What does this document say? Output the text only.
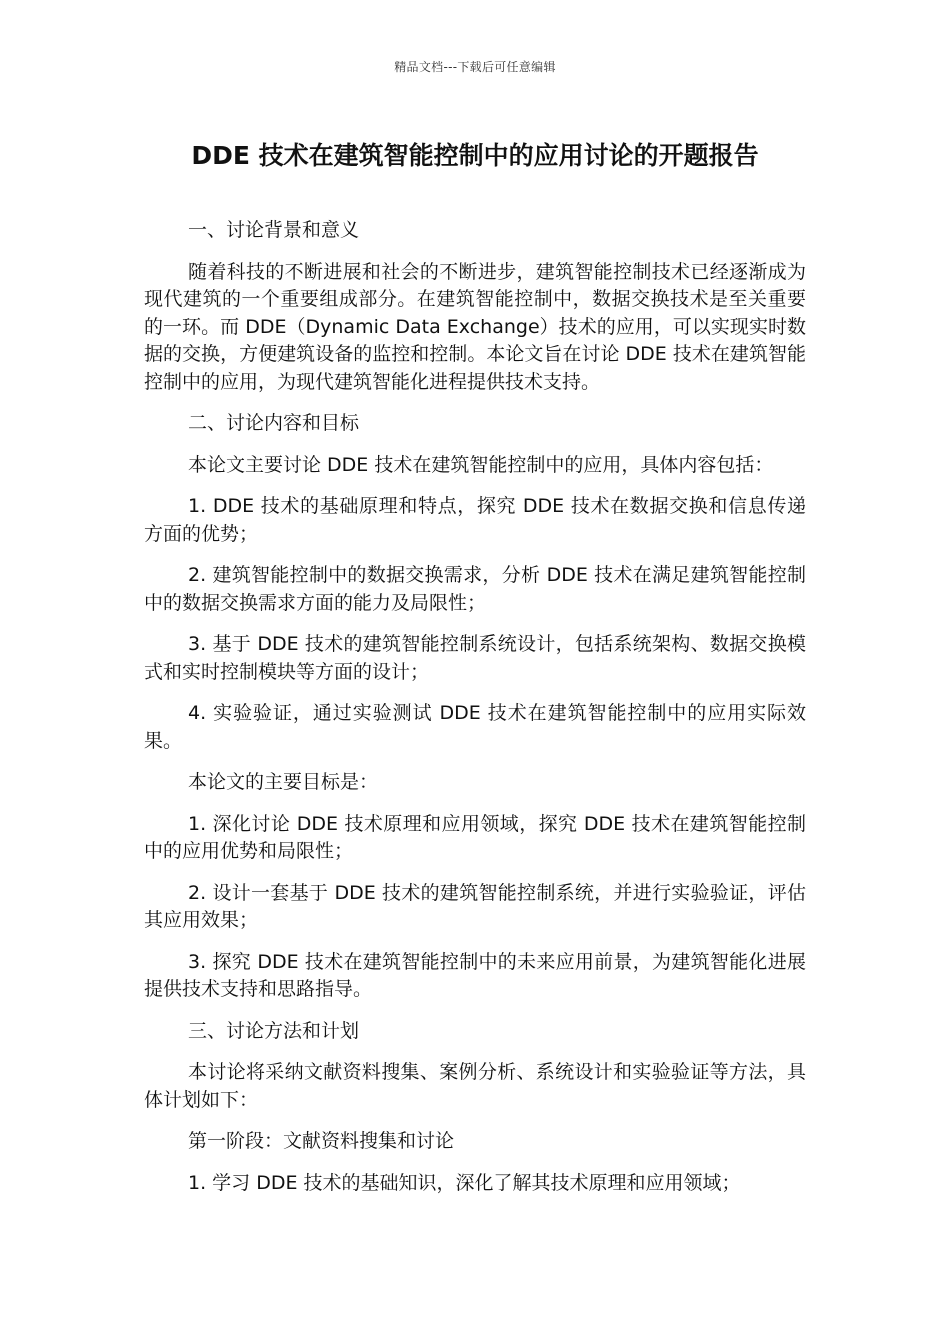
精品文档---下载后可任意编辑
DDE 技术在建筑智能控制中的应用讨论的开题报告

一、讨论背景和意义

随着科技的不断进展和社会的不断进步，建筑智能控制技术已经逐渐成为现代建筑的一个重要组成部分。在建筑智能控制中，数据交换技术是至关重要的一环。而 DDE（Dynamic Data Exchange）技术的应用，可以实现实时数据的交换，方便建筑设备的监控和控制。本论文旨在讨论 DDE 技术在建筑智能控制中的应用，为现代建筑智能化进程提供技术支持。

二、讨论内容和目标

本论文主要讨论 DDE 技术在建筑智能控制中的应用，具体内容包括：

1. DDE 技术的基础原理和特点，探究 DDE 技术在数据交换和信息传递方面的优势；

2. 建筑智能控制中的数据交换需求，分析 DDE 技术在满足建筑智能控制中的数据交换需求方面的能力及局限性；

3. 基于 DDE 技术的建筑智能控制系统设计，包括系统架构、数据交换模式和实时控制模块等方面的设计；

4. 实验验证，通过实验测试 DDE 技术在建筑智能控制中的应用实际效果。

本论文的主要目标是：

1. 深化讨论 DDE 技术原理和应用领域，探究 DDE 技术在建筑智能控制中的应用优势和局限性；

2. 设计一套基于 DDE 技术的建筑智能控制系统，并进行实验验证，评估其应用效果；

3. 探究 DDE 技术在建筑智能控制中的未来应用前景，为建筑智能化进展提供技术支持和思路指导。

三、讨论方法和计划

本讨论将采纳文献资料搜集、案例分析、系统设计和实验验证等方法，具体计划如下：

第一阶段：文献资料搜集和讨论

1. 学习 DDE 技术的基础知识，深化了解其技术原理和应用领域；
